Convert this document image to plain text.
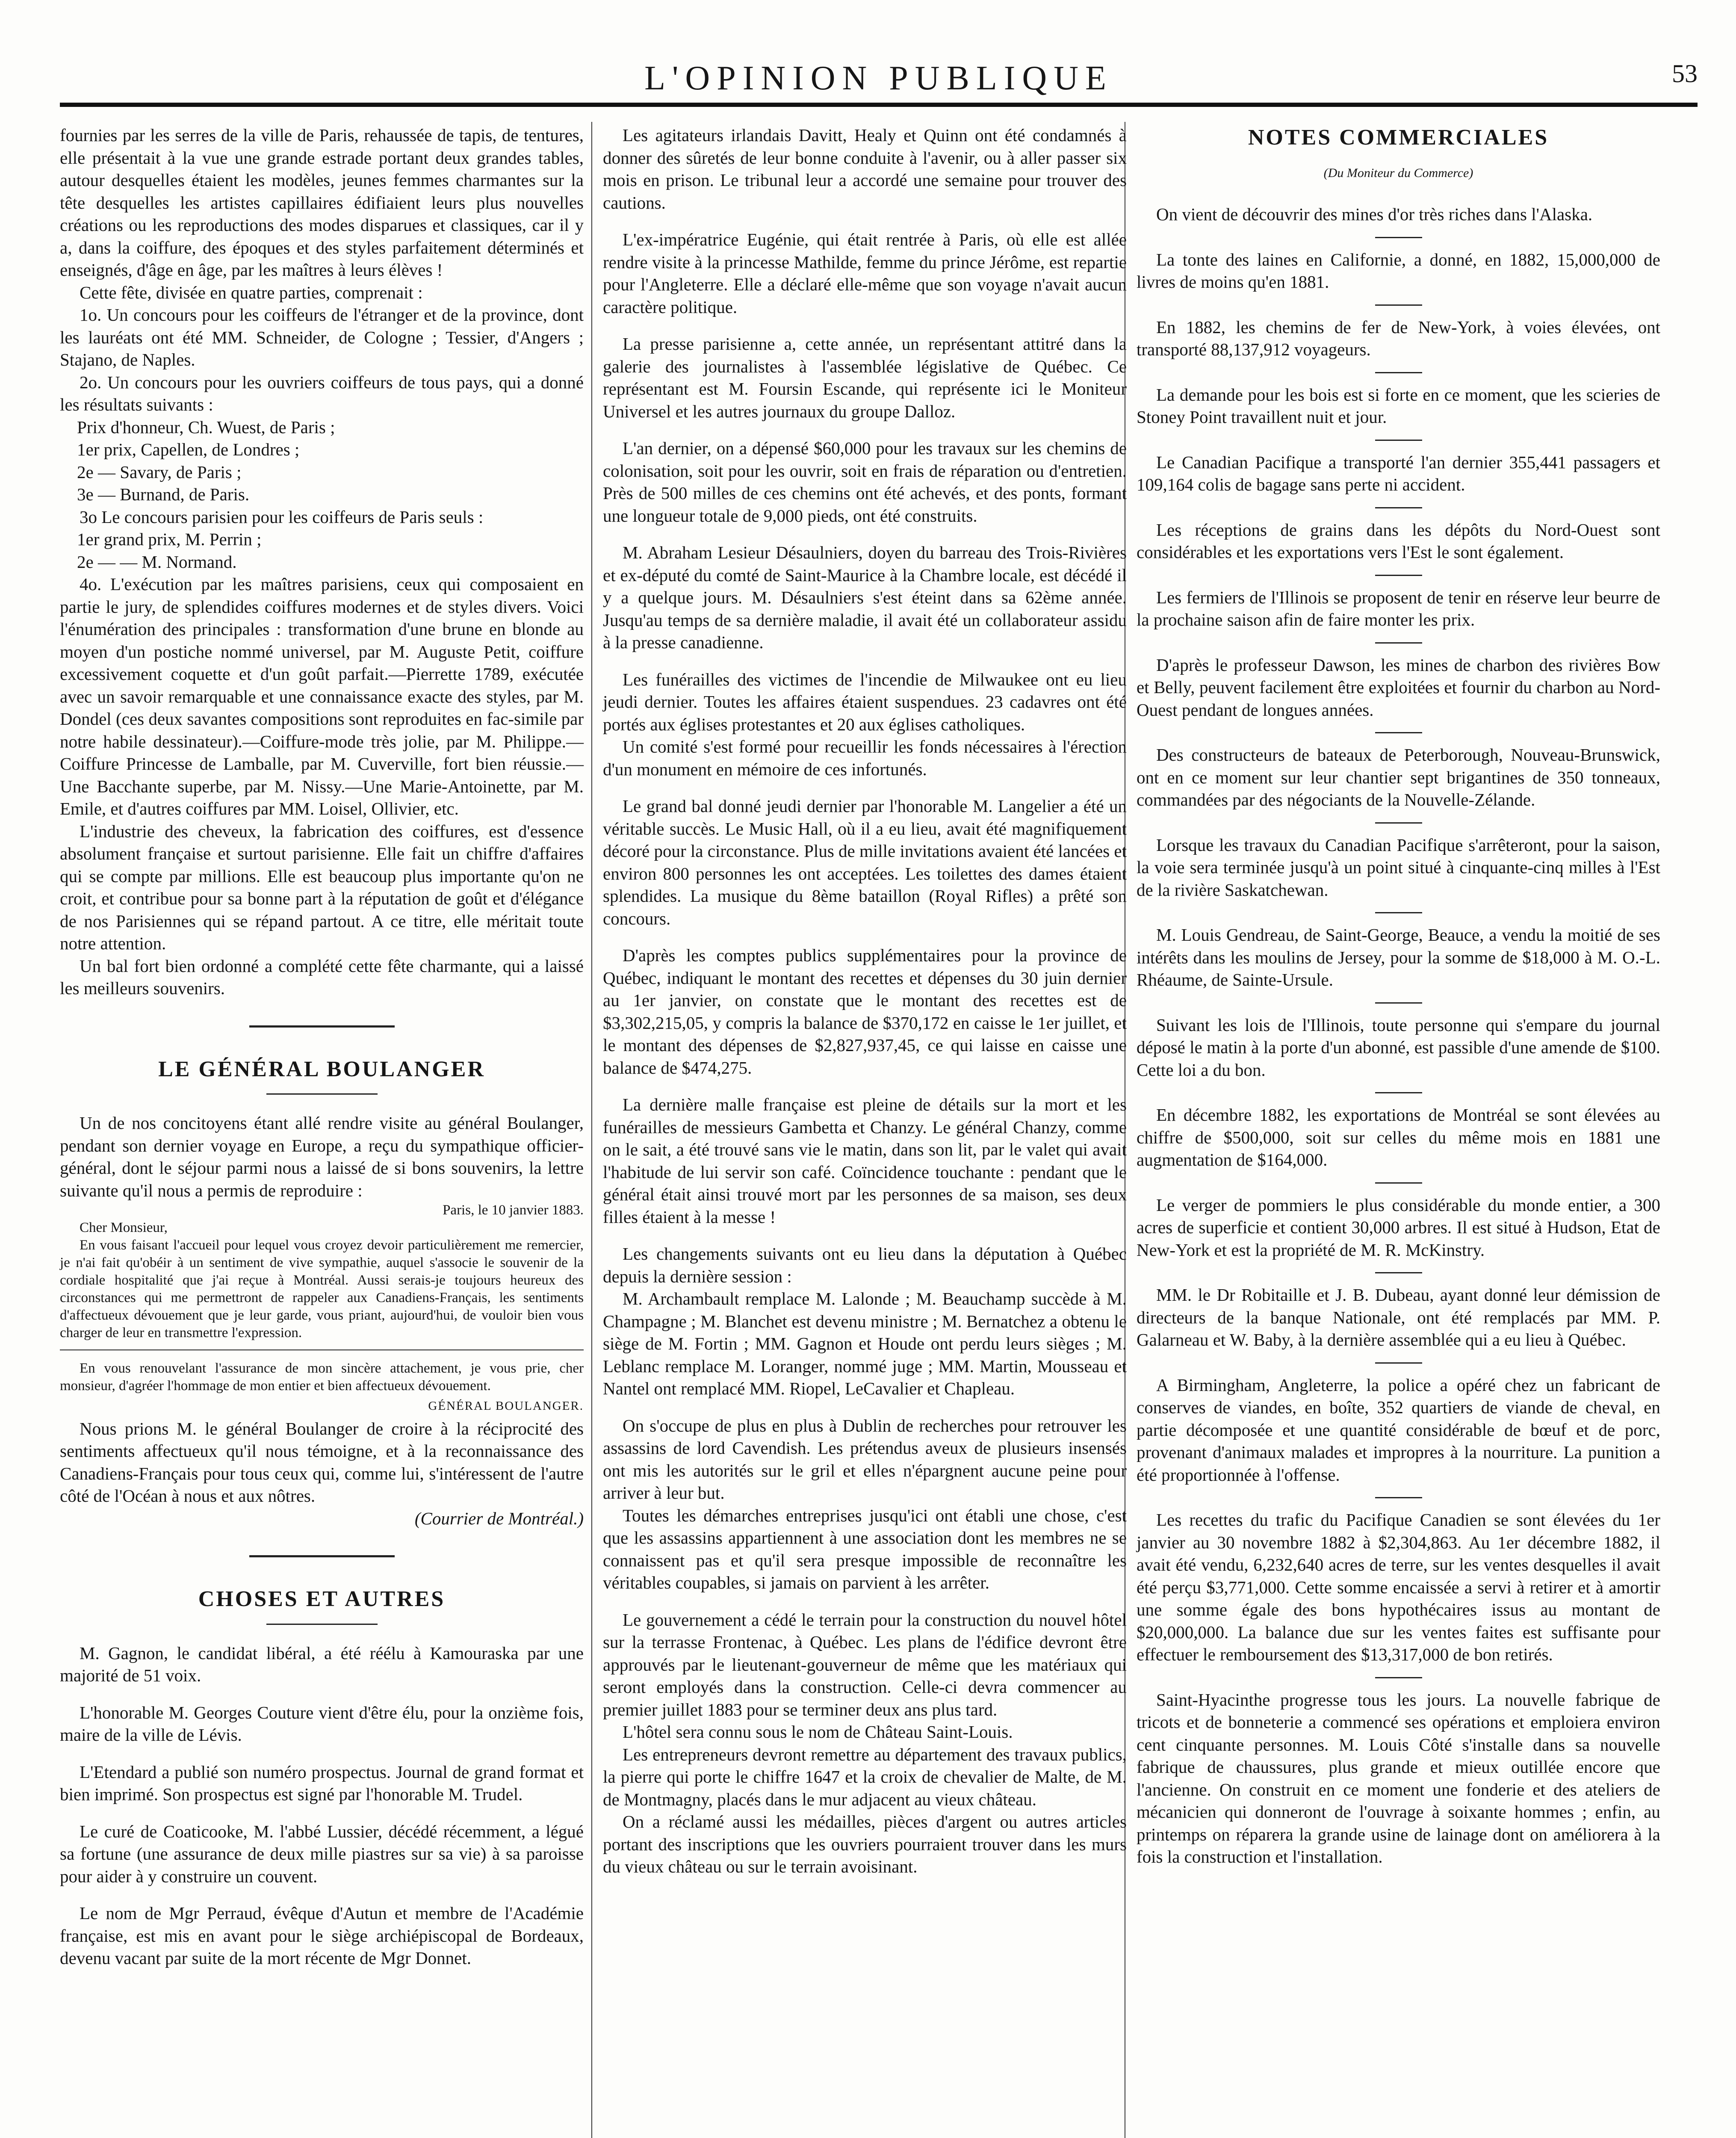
L'OPINION PUBLIQUE	53

fournies par les serres de la ville de Paris, rehaussée de tapis, de tentures, elle présentait à la vue une grande estrade portant deux grandes tables, autour desquelles étaient les modèles, jeunes femmes charmantes sur la tête desquelles les artistes capillaires édifiaient leurs plus nouvelles créations ou les reproductions des modes disparues et classiques, car il y a, dans la coiffure, des époques et des styles parfaitement déterminés et enseignés, d'âge en âge, par les maîtres à leurs élèves !

Cette fête, divisée en quatre parties, comprenait :

1o. Un concours pour les coiffeurs de l'étranger et de la province, dont les lauréats ont été MM. Schneider, de Cologne ; Tessier, d'Angers ; Stajano, de Naples.

2o. Un concours pour les ouvriers coiffeurs de tous pays, qui a donné les résultats suivants :

Prix d'honneur, Ch. Wuest, de Paris ;

1er prix, Capellen, de Londres ;

2e — Savary, de Paris ;

3e — Burnand, de Paris.

3o Le concours parisien pour les coiffeurs de Paris seuls :

1er grand prix, M. Perrin ;

2e — — M. Normand.

4o. L'exécution par les maîtres parisiens, ceux qui composaient en partie le jury, de splendides coiffures modernes et de styles divers. Voici l'énumération des principales : transformation d'une brune en blonde au moyen d'un postiche nommé universel, par M. Auguste Petit, coiffure excessivement coquette et d'un goût parfait.—Pierrette 1789, exécutée avec un savoir remarquable et une connaissance exacte des styles, par M. Dondel (ces deux savantes compositions sont reproduites en fac-simile par notre habile dessinateur).—Coiffure-mode très jolie, par M. Philippe.—Coiffure Princesse de Lamballe, par M. Cuverville, fort bien réussie.—Une Bacchante superbe, par M. Nissy.—Une Marie-Antoinette, par M. Emile, et d'autres coiffures par MM. Loisel, Ollivier, etc.

L'industrie des cheveux, la fabrication des coiffures, est d'essence absolument française et surtout parisienne. Elle fait un chiffre d'affaires qui se compte par millions. Elle est beaucoup plus importante qu'on ne croit, et contribue pour sa bonne part à la réputation de goût et d'élégance de nos Parisiennes qui se répand partout. A ce titre, elle méritait toute notre attention.

Un bal fort bien ordonné a complété cette fête charmante, qui a laissé les meilleurs souvenirs.

LE GÉNÉRAL BOULANGER

Un de nos concitoyens étant allé rendre visite au général Boulanger, pendant son dernier voyage en Europe, a reçu du sympathique officier-général, dont le séjour parmi nous a laissé de si bons souvenirs, la lettre suivante qu'il nous a permis de reproduire :

Paris, le 10 janvier 1883.

Cher Monsieur,

En vous faisant l'accueil pour lequel vous croyez devoir particulièrement me remercier, je n'ai fait qu'obéir à un sentiment de vive sympathie, auquel s'associe le souvenir de la cordiale hospitalité que j'ai reçue à Montréal. Aussi serais-je toujours heureux des circonstances qui me permettront de rappeler aux Canadiens-Français, les sentiments d'affectueux dévouement que je leur garde, vous priant, aujourd'hui, de vouloir bien vous charger de leur en transmettre l'expression.

En vous renouvelant l'assurance de mon sincère attachement, je vous prie, cher monsieur, d'agréer l'hommage de mon entier et bien affectueux dévouement.

GÉNÉRAL BOULANGER.

Nous prions M. le général Boulanger de croire à la réciprocité des sentiments affectueux qu'il nous témoigne, et à la reconnaissance des Canadiens-Français pour tous ceux qui, comme lui, s'intéressent de l'autre côté de l'Océan à nous et aux nôtres.

(Courrier de Montréal.)

CHOSES ET AUTRES

M. Gagnon, le candidat libéral, a été réélu à Kamouraska par une majorité de 51 voix.

L'honorable M. Georges Couture vient d'être élu, pour la onzième fois, maire de la ville de Lévis.

L'Etendard a publié son numéro prospectus. Journal de grand format et bien imprimé. Son prospectus est signé par l'honorable M. Trudel.

Le curé de Coaticooke, M. l'abbé Lussier, décédé récemment, a légué sa fortune (une assurance de deux mille piastres sur sa vie) à sa paroisse pour aider à y construire un couvent.

Le nom de Mgr Perraud, évêque d'Autun et membre de l'Académie française, est mis en avant pour le siège archiépiscopal de Bordeaux, devenu vacant par suite de la mort récente de Mgr Donnet.

Les agitateurs irlandais Davitt, Healy et Quinn ont été condamnés à donner des sûretés de leur bonne conduite à l'avenir, ou à aller passer six mois en prison. Le tribunal leur a accordé une semaine pour trouver des cautions.

L'ex-impératrice Eugénie, qui était rentrée à Paris, où elle est allée rendre visite à la princesse Mathilde, femme du prince Jérôme, est repartie pour l'Angleterre. Elle a déclaré elle-même que son voyage n'avait aucun caractère politique.

La presse parisienne a, cette année, un représentant attitré dans la galerie des journalistes à l'assemblée législative de Québec. Ce représentant est M. Foursin Escande, qui représente ici le Moniteur Universel et les autres journaux du groupe Dalloz.

L'an dernier, on a dépensé $60,000 pour les travaux sur les chemins de colonisation, soit pour les ouvrir, soit en frais de réparation ou d'entretien. Près de 500 milles de ces chemins ont été achevés, et des ponts, formant une longueur totale de 9,000 pieds, ont été construits.

M. Abraham Lesieur Désaulniers, doyen du barreau des Trois-Rivières et ex-député du comté de Saint-Maurice à la Chambre locale, est décédé il y a quelque jours. M. Désaulniers s'est éteint dans sa 62ème année. Jusqu'au temps de sa dernière maladie, il avait été un collaborateur assidu à la presse canadienne.

Les funérailles des victimes de l'incendie de Milwaukee ont eu lieu jeudi dernier. Toutes les affaires étaient suspendues. 23 cadavres ont été portés aux églises protestantes et 20 aux églises catholiques.

Un comité s'est formé pour recueillir les fonds nécessaires à l'érection d'un monument en mémoire de ces infortunés.

Le grand bal donné jeudi dernier par l'honorable M. Langelier a été un véritable succès. Le Music Hall, où il a eu lieu, avait été magnifiquement décoré pour la circonstance. Plus de mille invitations avaient été lancées et environ 800 personnes les ont acceptées. Les toilettes des dames étaient splendides. La musique du 8ème bataillon (Royal Rifles) a prêté son concours.

D'après les comptes publics supplémentaires pour la province de Québec, indiquant le montant des recettes et dépenses du 30 juin dernier au 1er janvier, on constate que le montant des recettes est de $3,302,215,05, y compris la balance de $370,172 en caisse le 1er juillet, et le montant des dépenses de $2,827,937,45, ce qui laisse en caisse une balance de $474,275.

La dernière malle française est pleine de détails sur la mort et les funérailles de messieurs Gambetta et Chanzy. Le général Chanzy, comme on le sait, a été trouvé sans vie le matin, dans son lit, par le valet qui avait l'habitude de lui servir son café. Coïncidence touchante : pendant que le général était ainsi trouvé mort par les personnes de sa maison, ses deux filles étaient à la messe !

Les changements suivants ont eu lieu dans la députation à Québec depuis la dernière session :

M. Archambault remplace M. Lalonde ; M. Beauchamp succède à M. Champagne ; M. Blanchet est devenu ministre ; M. Bernatchez a obtenu le siège de M. Fortin ; MM. Gagnon et Houde ont perdu leurs sièges ; M. Leblanc remplace M. Loranger, nommé juge ; MM. Martin, Mousseau et Nantel ont remplacé MM. Riopel, LeCavalier et Chapleau.

On s'occupe de plus en plus à Dublin de recherches pour retrouver les assassins de lord Cavendish. Les prétendus aveux de plusieurs insensés ont mis les autorités sur le gril et elles n'épargnent aucune peine pour arriver à leur but.

Toutes les démarches entreprises jusqu'ici ont établi une chose, c'est que les assassins appartiennent à une association dont les membres ne se connaissent pas et qu'il sera presque impossible de reconnaître les véritables coupables, si jamais on parvient à les arrêter.

Le gouvernement a cédé le terrain pour la construction du nouvel hôtel sur la terrasse Frontenac, à Québec. Les plans de l'édifice devront être approuvés par le lieutenant-gouverneur de même que les matériaux qui seront employés dans la construction. Celle-ci devra commencer au premier juillet 1883 pour se terminer deux ans plus tard.

L'hôtel sera connu sous le nom de Château Saint-Louis.

Les entrepreneurs devront remettre au département des travaux publics, la pierre qui porte le chiffre 1647 et la croix de chevalier de Malte, de M. de Montmagny, placés dans le mur adjacent au vieux château.

On a réclamé aussi les médailles, pièces d'argent ou autres articles portant des inscriptions que les ouvriers pourraient trouver dans les murs du vieux château ou sur le terrain avoisinant.

NOTES COMMERCIALES
(Du Moniteur du Commerce)

On vient de découvrir des mines d'or très riches dans l'Alaska.

La tonte des laines en Californie, a donné, en 1882, 15,000,000 de livres de moins qu'en 1881.

En 1882, les chemins de fer de New-York, à voies élevées, ont transporté 88,137,912 voyageurs.

La demande pour les bois est si forte en ce moment, que les scieries de Stoney Point travaillent nuit et jour.

Le Canadian Pacifique a transporté l'an dernier 355,441 passagers et 109,164 colis de bagage sans perte ni accident.

Les réceptions de grains dans les dépôts du Nord-Ouest sont considérables et les exportations vers l'Est le sont également.

Les fermiers de l'Illinois se proposent de tenir en réserve leur beurre de la prochaine saison afin de faire monter les prix.

D'après le professeur Dawson, les mines de charbon des rivières Bow et Belly, peuvent facilement être exploitées et fournir du charbon au Nord-Ouest pendant de longues années.

Des constructeurs de bateaux de Peterborough, Nouveau-Brunswick, ont en ce moment sur leur chantier sept brigantines de 350 tonneaux, commandées par des négociants de la Nouvelle-Zélande.

Lorsque les travaux du Canadian Pacifique s'arrêteront, pour la saison, la voie sera terminée jusqu'à un point situé à cinquante-cinq milles à l'Est de la rivière Saskatchewan.

M. Louis Gendreau, de Saint-George, Beauce, a vendu la moitié de ses intérêts dans les moulins de Jersey, pour la somme de $18,000 à M. O.-L. Rhéaume, de Sainte-Ursule.

Suivant les lois de l'Illinois, toute personne qui s'empare du journal déposé le matin à la porte d'un abonné, est passible d'une amende de $100. Cette loi a du bon.

En décembre 1882, les exportations de Montréal se sont élevées au chiffre de $500,000, soit sur celles du même mois en 1881 une augmentation de $164,000.

Le verger de pommiers le plus considérable du monde entier, a 300 acres de superficie et contient 30,000 arbres. Il est situé à Hudson, Etat de New-York et est la propriété de M. R. McKinstry.

MM. le Dr Robitaille et J. B. Dubeau, ayant donné leur démission de directeurs de la banque Nationale, ont été remplacés par MM. P. Galarneau et W. Baby, à la dernière assemblée qui a eu lieu à Québec.

A Birmingham, Angleterre, la police a opéré chez un fabricant de conserves de viandes, en boîte, 352 quartiers de viande de cheval, en partie décomposée et une quantité considérable de bœuf et de porc, provenant d'animaux malades et impropres à la nourriture. La punition a été proportionnée à l'offense.

Les recettes du trafic du Pacifique Canadien se sont élevées du 1er janvier au 30 novembre 1882 à $2,304,863. Au 1er décembre 1882, il avait été vendu, 6,232,640 acres de terre, sur les ventes desquelles il avait été perçu $3,771,000. Cette somme encaissée a servi à retirer et à amortir une somme égale des bons hypothécaires issus au montant de $20,000,000. La balance due sur les ventes faites est suffisante pour effectuer le remboursement des $13,317,000 de bon retirés.

Saint-Hyacinthe progresse tous les jours. La nouvelle fabrique de tricots et de bonneterie a commencé ses opérations et emploiera environ cent cinquante personnes. M. Louis Côté s'installe dans sa nouvelle fabrique de chaussures, plus grande et mieux outillée encore que l'ancienne. On construit en ce moment une fonderie et des ateliers de mécanicien qui donneront de l'ouvrage à soixante hommes ; enfin, au printemps on réparera la grande usine de lainage dont on améliorera à la fois la construction et l'installation.
